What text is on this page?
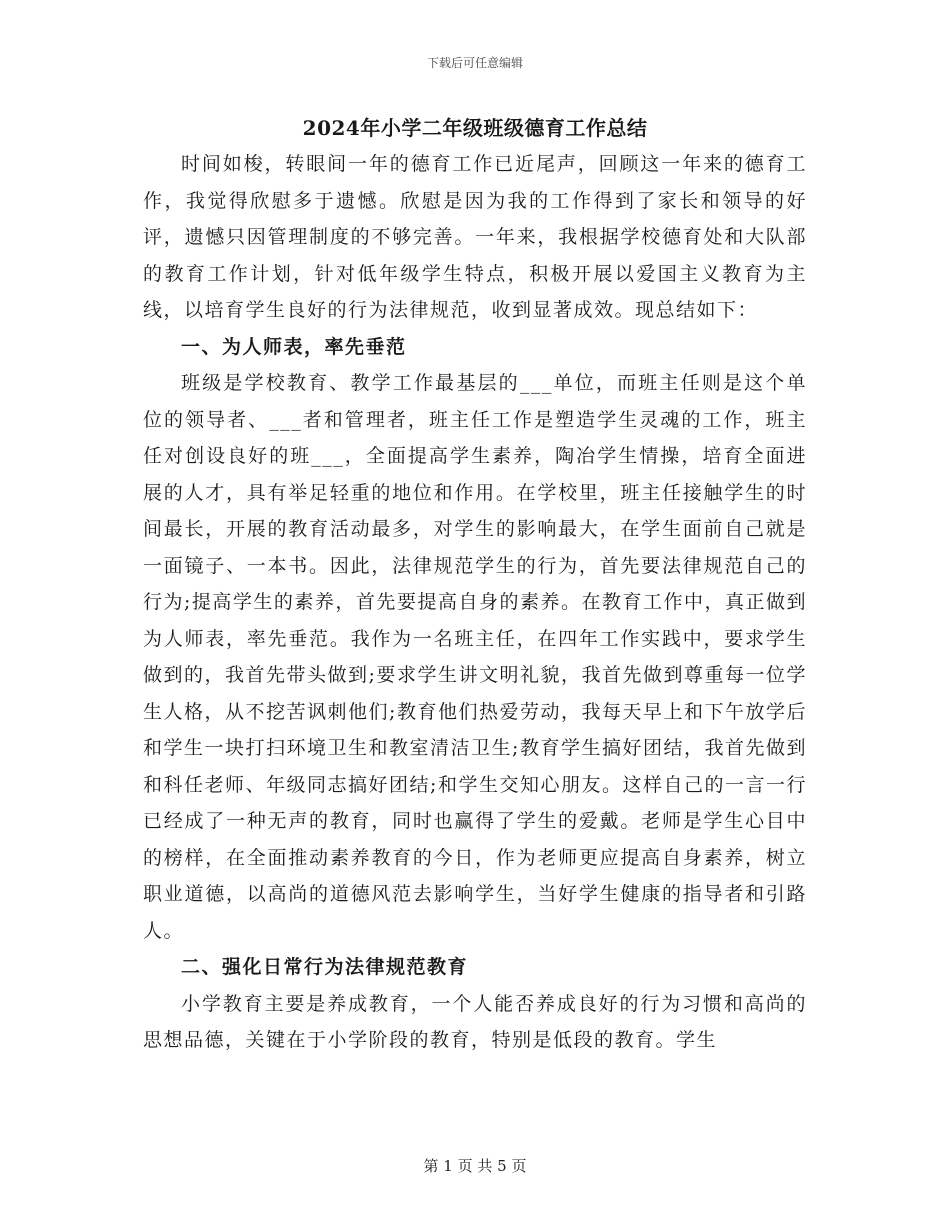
下载后可任意编辑
2024年小学二年级班级德育工作总结

时间如梭，转眼间一年的德育工作已近尾声，回顾这一年来的德育工作，我觉得欣慰多于遗憾。欣慰是因为我的工作得到了家长和领导的好评，遗憾只因管理制度的不够完善。一年来，我根据学校德育处和大队部的教育工作计划，针对低年级学生特点，积极开展以爱国主义教育为主线，以培育学生良好的行为法律规范，收到显著成效。现总结如下：

一、为人师表，率先垂范

班级是学校教育、教学工作最基层的___单位，而班主任则是这个单位的领导者、___者和管理者，班主任工作是塑造学生灵魂的工作，班主任对创设良好的班___，全面提高学生素养，陶冶学生情操，培育全面进展的人才，具有举足轻重的地位和作用。在学校里，班主任接触学生的时间最长，开展的教育活动最多，对学生的影响最大，在学生面前自己就是一面镜子、一本书。因此，法律规范学生的行为，首先要法律规范自己的行为;提高学生的素养，首先要提高自身的素养。在教育工作中，真正做到为人师表，率先垂范。我作为一名班主任，在四年工作实践中，要求学生做到的，我首先带头做到;要求学生讲文明礼貌，我首先做到尊重每一位学生人格，从不挖苦讽刺他们;教育他们热爱劳动，我每天早上和下午放学后和学生一块打扫环境卫生和教室清洁卫生;教育学生搞好团结，我首先做到和科任老师、年级同志搞好团结;和学生交知心朋友。这样自己的一言一行已经成了一种无声的教育，同时也赢得了学生的爱戴。老师是学生心目中的榜样，在全面推动素养教育的今日，作为老师更应提高自身素养，树立职业道德，以高尚的道德风范去影响学生，当好学生健康的指导者和引路人。

二、强化日常行为法律规范教育

小学教育主要是养成教育，一个人能否养成良好的行为习惯和高尚的思想品德，关键在于小学阶段的教育，特别是低段的教育。学生

第 1 页 共 5 页
